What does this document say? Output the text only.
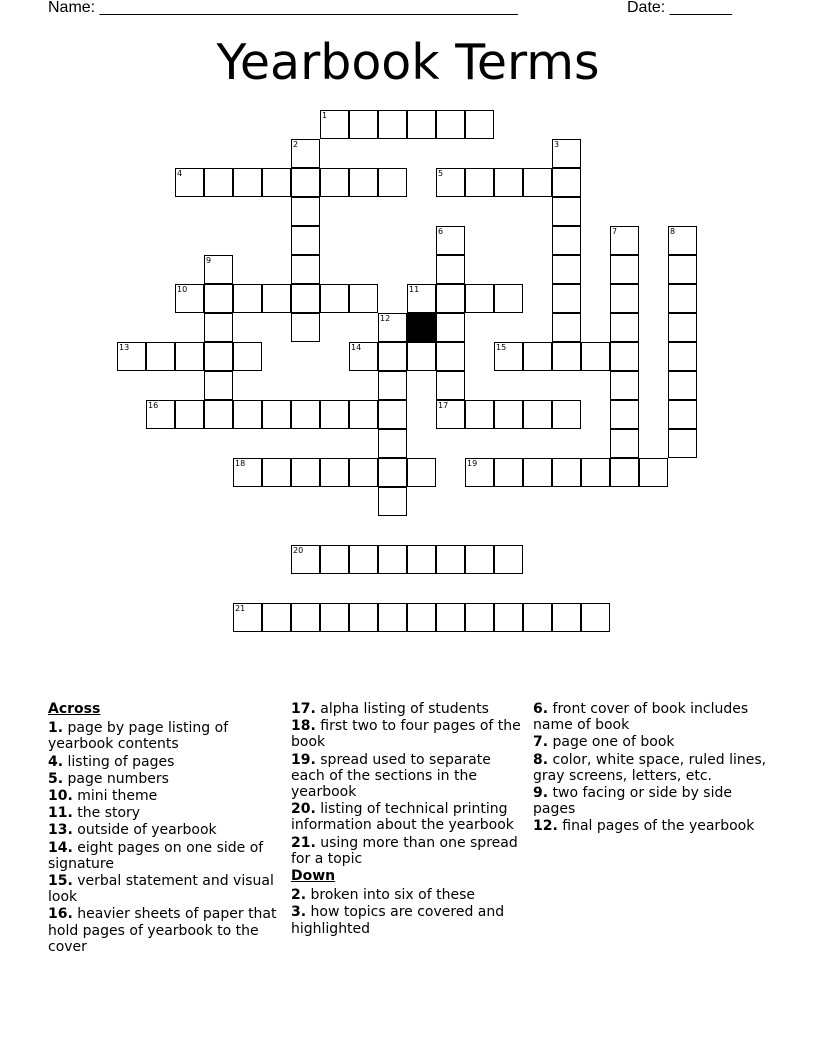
Name: _______________________________________________	Date: _______
Yearbook Terms
1
2	3
4	5
6	7	8
9
10	11
12
13	14	15
16	17
18	19
20
21
Across
1. page by page listing of yearbook contents
4. listing of pages
5. page numbers
10. mini theme
11. the story
13. outside of yearbook
14. eight pages on one side of signature
15. verbal statement and visual look
16. heavier sheets of paper that hold pages of yearbook to the cover
17. alpha listing of students
18. first two to four pages of the book
19. spread used to separate each of the sections in the yearbook
20. listing of technical printing information about the yearbook
21. using more than one spread for a topic
Down
2. broken into six of these
3. how topics are covered and highlighted
6. front cover of book includes name of book
7. page one of book
8. color, white space, ruled lines, gray screens, letters, etc.
9. two facing or side by side pages
12. final pages of the yearbook
